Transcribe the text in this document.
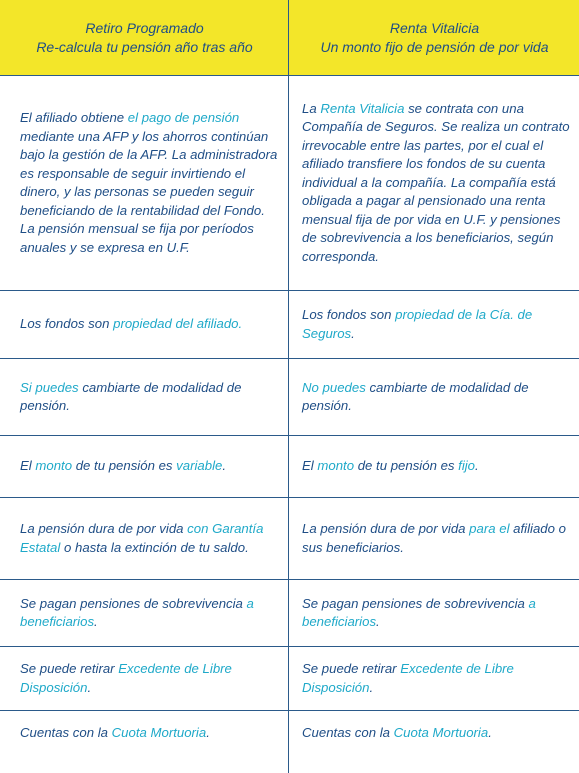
Retiro Programado
Re-calcula tu pensión año tras año
Renta Vitalicia
Un monto fijo de pensión de por vida

El afiliado obtiene el pago de pensión mediante una AFP y los ahorros continúan bajo la gestión de la AFP. La administradora es responsable de seguir invirtiendo el dinero, y las personas se pueden seguir beneficiando de la rentabilidad del Fondo.

La pensión mensual se fija por períodos anuales y se expresa en U.F.

La Renta Vitalicia se contrata con una Compañía de Seguros. Se realiza un contrato irrevocable entre las partes, por el cual el afiliado transfiere los fondos de su cuenta individual a la compañía. La compañía está obligada a pagar al pensionado una renta mensual fija de por vida en U.F. y pensiones de sobrevivencia a los beneficiarios, según corresponda.

Los fondos son propiedad del afiliado.

Los fondos son propiedad de la Cía. de Seguros.

Si puedes cambiarte de modalidad de pensión.

No puedes cambiarte de modalidad de pensión.

El monto de tu pensión es variable.	El monto de tu pensión es fijo.

La pensión dura de por vida con Garantía Estatal o hasta la extinción de tu saldo.

La pensión dura de por vida para el afiliado o sus beneficiarios.

Se pagan pensiones de sobrevivencia a beneficiarios.

Se pagan pensiones de sobrevivencia a beneficiarios.

Se puede retirar Excedente de Libre Disposición.

Se puede retirar Excedente de Libre Disposición.

Cuentas con la Cuota Mortuoria.	Cuentas con la Cuota Mortuoria.
